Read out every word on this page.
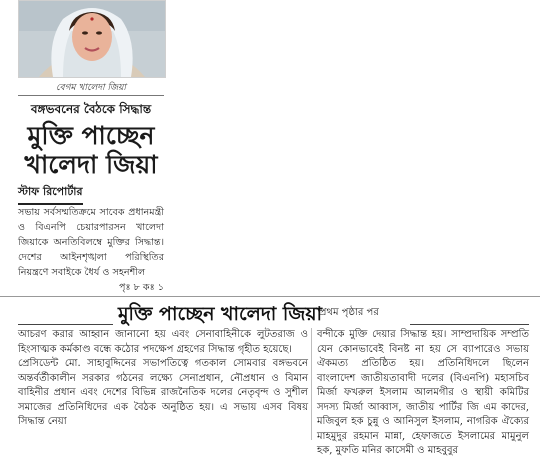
বেগম খালেদা জিয়া
বঙ্গভবনের বৈঠকে সিদ্ধান্ত
মুক্তি পাচ্ছেন
খালেদা জিয়া
স্টাফ রিপোর্টার
সভায় সর্বসম্মতিক্রমে সাবেক প্রধানমন্ত্রী ও বিএনপি চেয়ারপারসন খালেদা জিয়াকে অনতিবিলম্বে মুক্তির সিদ্ধান্ত। দেশের আইনশৃঙ্খলা পরিস্থিতির নিয়ন্ত্রণে সবাইকে ধৈর্য ও সহনশীল
পৃঃ ৮ কঃ ১
মুক্তি পাচ্ছেন খালেদা জিয়া
প্রথম পৃষ্ঠার পর

আচরণ করার আহ্বান জানানো হয় এবং সেনাবাহিনীকে লুটতরাজ ও হিংসাত্মক কর্মকাণ্ড বন্ধে কঠোর পদক্ষেপ গ্রহণের সিদ্ধান্ত গৃহীত হয়েছে।

প্রেসিডেন্ট মো. সাহাবুদ্দিনের সভাপতিত্বে গতকাল সোমবার বঙ্গভবনে অন্তর্বর্তীকালীন সরকার গঠনের লক্ষ্যে সেনাপ্রধান, নৌপ্রধান ও বিমান বাহিনীর প্রধান এবং দেশের বিভিন্ন রাজনৈতিক দলের নেতৃবৃন্দ ও সুশীল সমাজের প্রতিনিধিদের এক বৈঠক অনুষ্ঠিত হয়। এ সভায় এসব বিষয় সিদ্ধান্ত নেয়া

বন্দীকে মুক্তি দেয়ার সিদ্ধান্ত হয়। সাম্প্রদায়িক সম্প্রতি যেন কোনভাবেই বিনষ্ট না হয় সে ব্যাপারেও সভায় ঐকমত্য প্রতিষ্ঠিত হয়। প্রতিনিধিদলে ছিলেন বাংলাদেশ জাতীয়তাবাদী দলের (বিএনপি) মহাসচিব মির্জা ফখরুল ইসলাম আলমগীর ও স্থায়ী কমিটির সদস্য মির্জা আব্বাস, জাতীয় পার্টির জি এম কাদের, মজিবুল হক চুন্নু ও আনিসুল ইসলাম, নাগরিক ঐক্যের মাহমুদুর রহমান মান্না, হেফাজতে ইসলামের মামুনুল হক, মুফতি মনির কাসেমী ও মাহবুবুর
